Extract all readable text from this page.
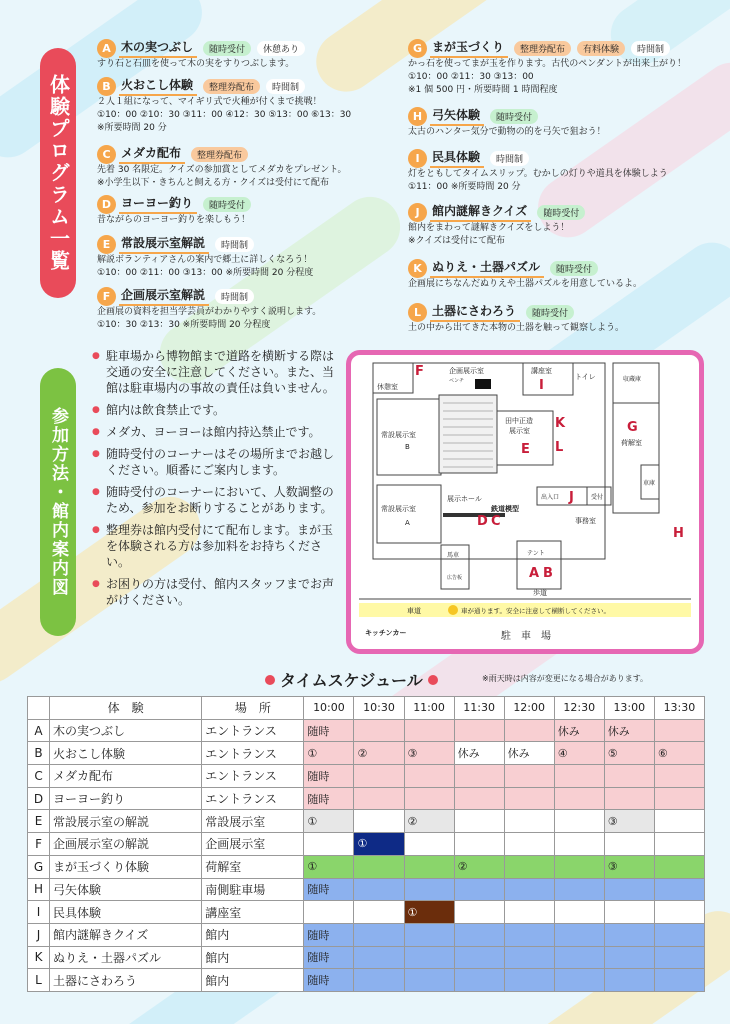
体験プログラム一覧
参加方法・館内案内図
A 木の実つぶし	随時受付	休憩あり
すり石と石皿を使って木の実をすりつぶします。
B 火おこし体験	整理券配布	時間制
２人１組になって、マイギリ式で火種が付くまで挑戦！
①10：00 ②10：30 ③11：00 ④12：30 ⑤13：00 ⑥13：30
※所要時間 20 分
C メダカ配布	整理券配布
先着 30 名限定。クイズの参加賞としてメダカをプレゼント。
※小学生以下・きちんと飼える方・クイズは受付にて配布
D ヨーヨー釣り	随時受付
昔ながらのヨーヨー釣りを楽しもう！
E 常設展示室解説	時間制
解説ボランティアさんの案内で郷土に詳しくなろう！
①10：00 ②11：00 ③13：00 ※所要時間 20 分程度
F 企画展示室解説	時間制
企画展の資料を担当学芸員がわかりやすく説明します。
①10：30 ②13：30 ※所要時間 20 分程度
G まが玉づくり	整理券配布	有料体験	時間制
かっ石を使ってまが玉を作ります。古代のペンダントが出来上がり！
①10：00 ②11：30 ③13：00
※1 個 500 円・所要時間 1 時間程度
H 弓矢体験	随時受付
太古のハンター気分で動物の的を弓矢で狙おう！
I	民具体験	時間制
灯をともしてタイムスリップ。むかしの灯りや道具を体験しよう
①11：00 ※所要時間 20 分
J	館内謎解きクイズ	随時受付
館内をまわって謎解きクイズをしよう！
※クイズは受付にて配布
K ぬりえ・土器パズル	随時受付
企画展にちなんだぬりえや土器パズルを用意しているよ。
L 土器にさわろう	随時受付
土の中から出てきた本物の土器を触って観察しよう。
● 駐車場から博物館まで道路を横断する際は交通の安全に注意してください。また、当館は駐車場内の事故の責任は負いません。
● 館内は飲食禁止です。
● メダカ、ヨーヨーは館内持込禁止です。
● 随時受付のコーナーはその場所までお越しください。順番にご案内します。
● 随時受付のコーナーにおいて、人数調整のため、参加をお断りすることがあります。
● 整理券は館内受付にて配布します。まが玉を体験される方は参加料をお持ちください。
● お困りの方は受付、館内スタッフまでお声がけください。
企画展示室
ベンチ
休憩室
講座室
トイレ	収蔵庫
荷解室
車庫
常設展示室
B
田中正造
展示室
常設展示室
A
展示ホール
鉄道模型
出入口	受付
事務室
テント
馬車
広告板
歩道
車道	車が通ります。安全に注意して横断してください。
キッチンカー	駐　車　場
F
I
K
L
E
G
J
D C
A B
H
タイムスケジュール	※雨天時は内容が変更になる場合があります。
	体　験	場　所	10:00	10:30	11:00	11:30	12:00	12:30	13:00	13:30
A	木の実つぶし	エントランス	随時					休み	休み	
B	火おこし体験	エントランス	①	②	③	休み	休み	④	⑤	⑥
C	メダカ配布	エントランス	随時							
D	ヨーヨー釣り	エントランス	随時							
E	常設展示室の解説	常設展示室	①		②				③	
F	企画展示室の解説	企画展示室		①						
G	まが玉づくり体験	荷解室	①			②			③	
H	弓矢体験	南側駐車場	随時							
I	民具体験	講座室			①					
J	館内謎解きクイズ	館内	随時							
K	ぬりえ・土器パズル	館内	随時							
L	土器にさわろう	館内	随時							
